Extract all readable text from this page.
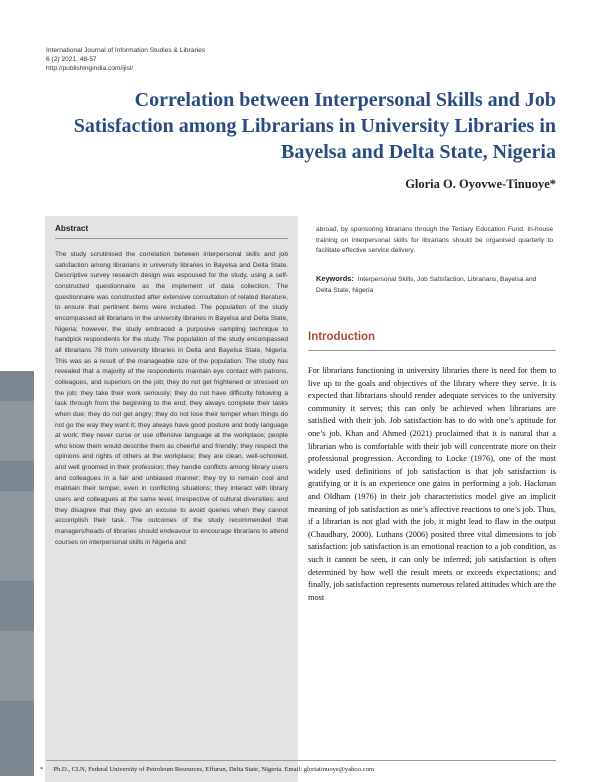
International Journal of Information Studies & Libraries
6 (2) 2021, 48-57
http://publishingindia.com/ijisl/
Correlation between Interpersonal Skills and Job Satisfaction among Librarians in University Libraries in Bayelsa and Delta State, Nigeria
Gloria O. Oyovwe-Tinuoye*
Abstract
The study scrutinised the correlation between interpersonal skills and job satisfaction among librarians in university libraries in Bayelsa and Delta State. Descriptive survey research design was espoused for the study, using a self-constructed questionnaire as the implement of data collection. The questionnaire was constructed after extensive consultation of related literature, to ensure that pertinent items were included. The population of the study encompassed all librarians in the university libraries in Bayelsa and Delta State, Nigeria; however, the study embraced a purposive sampling technique to handpick respondents for the study. The population of the study encompassed all librarians 78 from university libraries in Delta and Bayelsa State, Nigeria. This was as a result of the manageable size of the population. The study has revealed that a majority of the respondents maintain eye contact with patrons, colleagues, and superiors on the job; they do not get frightened or stressed on the job; they take their work seriously; they do not have difficulty following a task through from the beginning to the end; they always complete their tasks when due; they do not get angry; they do not lose their temper when things do not go the way they want it; they always have good posture and body language at work; they never curse or use offensive language at the workplace; people who know them would describe them as cheerful and friendly; they respect the opinions and rights of others at the workplace; they are clean, well-schooled, and well groomed in their profession; they handle conflicts among library users and colleagues in a fair and unbiased manner; they try to remain cool and maintain their temper, even in conflicting situations; they interact with library users and colleagues at the same level, irrespective of cultural diversities; and they disagree that they give an excuse to avoid queries when they cannot accomplish their task. The outcomes of the study recommended that managers/heads of libraries should endeavour to encourage librarians to attend courses on interpersonal skills in Nigeria and
abroad, by sponsoring librarians through the Tertiary Education Fund. In-house training on interpersonal skills for librarians should be organised quarterly to facilitate effective service delivery.
Keywords: Interpersonal Skills, Job Satisfaction, Librarians, Bayelsa and Delta State, Nigeria
Introduction
For librarians functioning in university libraries there is need for them to live up to the goals and objectives of the library where they serve. It is expected that librarians should render adequate services to the university community it serves; this can only be achieved when librarians are satisfied with their job. Job satisfaction has to do with one’s aptitude for one’s job. Khan and Ahmed (2021) proclaimed that it is natural that a librarian who is comfortable with their job will concentrate more on their professional progression. According to Locke (1976), one of the most widely used definitions of job satisfaction is that job satisfaction is gratifying or it is an experience one gains in performing a job. Hackman and Oldham (1976) in their job characteristics model give an implicit meaning of job satisfaction as one’s affective reactions to one’s job. Thus, if a librarian is not glad with the job, it might lead to flaw in the output (Chaudhary, 2000). Luthans (2006) posited three vital dimensions to job satisfaction: job satisfaction is an emotional reaction to a job condition, as such it cannot be seen, it can only be inferred; job satisfaction is often determined by how well the result meets or exceeds expectations; and finally, job satisfaction represents numerous related attitudes which are the most
* Ph.D., CLN, Federal University of Petroleum Resources, Effurun, Delta State, Nigeria. Email: gloriatinuoye@yahoo.com
